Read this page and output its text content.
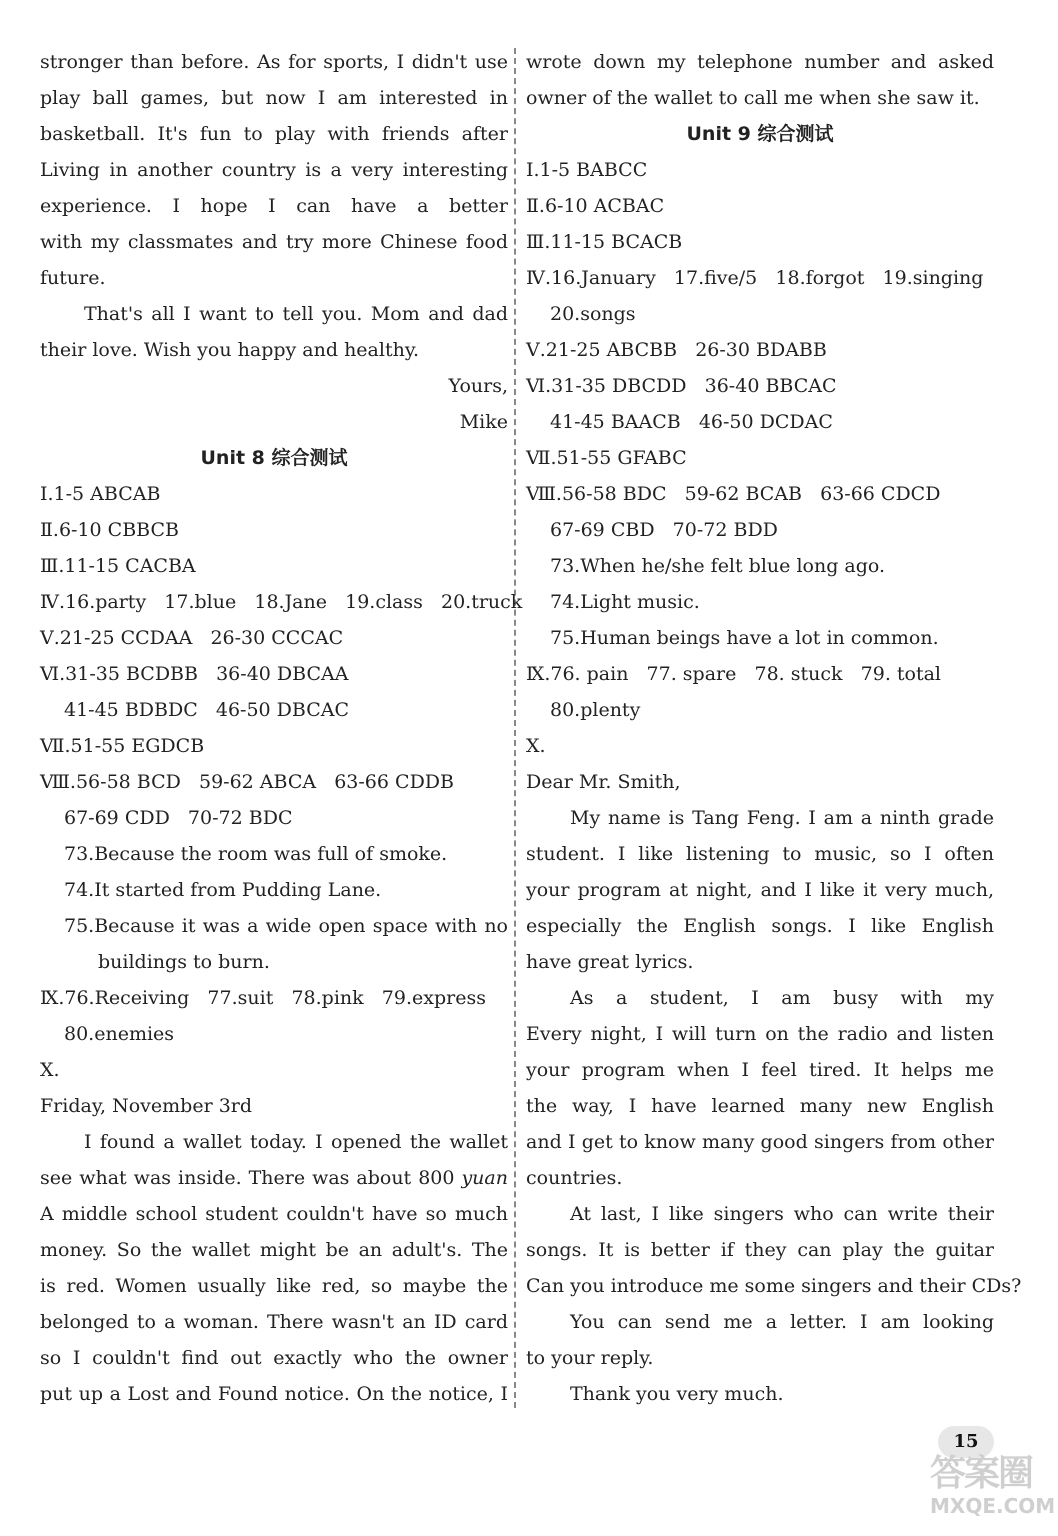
stronger than before. As for sports, I didn't use
play ball games, but now I am interested in
basketball. It's fun to play with friends after
Living in another country is a very interesting
experience. I hope I can have a better
with my classmates and try more Chinese food
future.
That's all I want to tell you. Mom and dad
their love. Wish you happy and healthy.
Yours,
Mike
Unit 8 综合测试
Ⅰ.1-5 ABCAB
Ⅱ.6-10 CBBCB
Ⅲ.11-15 CACBA
Ⅳ.16.party   17.blue   18.Jane   19.class   20.truck
Ⅴ.21-25 CCDAA   26-30 CCCAC
Ⅵ.31-35 BCDBB   36-40 DBCAA
41-45 BDBDC   46-50 DBCAC
Ⅶ.51-55 EGDCB
Ⅷ.56-58 BCD   59-62 ABCA   63-66 CDDB
67-69 CDD   70-72 BDC
73.Because the room was full of smoke.
74.It started from Pudding Lane.
75.Because it was a wide open space with no
buildings to burn.
Ⅸ.76.Receiving   77.suit   78.pink   79.express
80.enemies
Ⅹ.
Friday, November 3rd
I found a wallet today. I opened the wallet
see what was inside. There was about 800 yuan
A middle school student couldn't have so much
money. So the wallet might be an adult's. The
is red. Women usually like red, so maybe the
belonged to a woman. There wasn't an ID card
so I couldn't find out exactly who the owner
put up a Lost and Found notice. On the notice, I
wrote down my telephone number and asked
owner of the wallet to call me when she saw it.
Unit 9 综合测试
Ⅰ.1-5 BABCC
Ⅱ.6-10 ACBAC
Ⅲ.11-15 BCACB
Ⅳ.16.January   17.five/5   18.forgot   19.singing
20.songs
Ⅴ.21-25 ABCBB   26-30 BDABB
Ⅵ.31-35 DBCDD   36-40 BBCAC
41-45 BAACB   46-50 DCDAC
Ⅶ.51-55 GFABC
Ⅷ.56-58 BDC   59-62 BCAB   63-66 CDCD
67-69 CBD   70-72 BDD
73.When he/she felt blue long ago.
74.Light music.
75.Human beings have a lot in common.
Ⅸ.76. pain   77. spare   78. stuck   79. total
80.plenty
Ⅹ.
Dear Mr. Smith,
My name is Tang Feng. I am a ninth grade
student. I like listening to music, so I often
your program at night, and I like it very much,
especially the English songs. I like English
have great lyrics.
As a student, I am busy with my
Every night, I will turn on the radio and listen
your program when I feel tired. It helps me
the way, I have learned many new English
and I get to know many good singers from other
countries.
At last, I like singers who can write their
songs. It is better if they can play the guitar
Can you introduce me some singers and their CDs?
You can send me a letter. I am looking
to your reply.
Thank you very much.
15
答案圈
MXQE.COM
